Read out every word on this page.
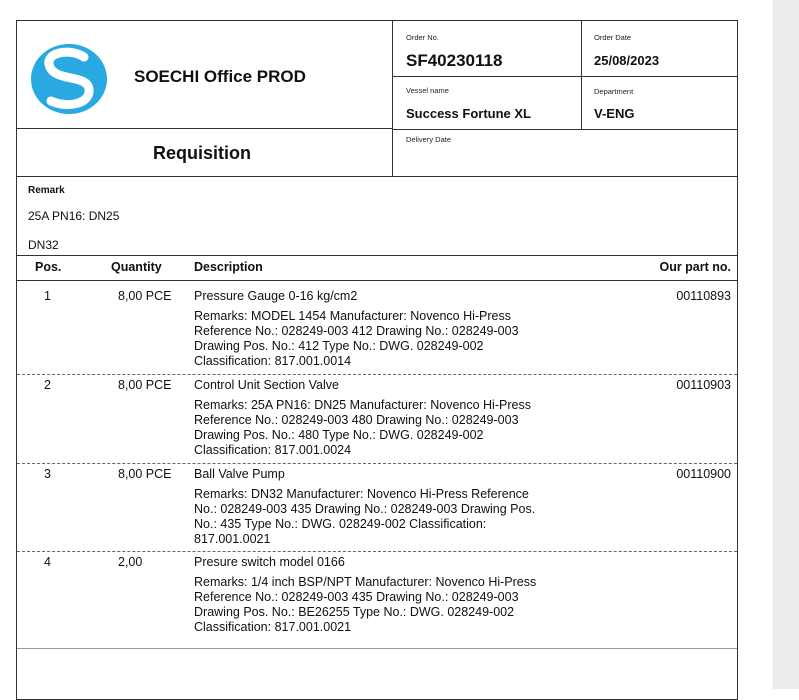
SOECHI Office PROD
Requisition
Order No.
SF40230118
Order Date
25/08/2023
Vessel name
Success Fortune XL
Department
V-ENG
Delivery Date
Remark
25A PN16: DN25
DN32
Pos.	Quantity	Description	Our part no.
1	8,00 PCE Pressure Gauge 0-16 kg/cm2	00110893
Remarks: MODEL 1454 Manufacturer: Novenco Hi-Press
Reference No.: 028249-003 412 Drawing No.: 028249-003
Drawing Pos. No.: 412 Type No.: DWG. 028249-002
Classification: 817.001.0014
2	8,00 PCE Control Unit Section Valve	00110903
Remarks: 25A PN16: DN25 Manufacturer: Novenco Hi-Press
Reference No.: 028249-003 480 Drawing No.: 028249-003
Drawing Pos. No.: 480 Type No.: DWG. 028249-002
Classification: 817.001.0024
3	8,00 PCE Ball Valve Pump	00110900
Remarks: DN32 Manufacturer: Novenco Hi-Press Reference
No.: 028249-003 435 Drawing No.: 028249-003 Drawing Pos.
No.: 435 Type No.: DWG. 028249-002 Classification:
817.001.0021
4	2,00	Presure switch model 0166
Remarks: 1/4 inch BSP/NPT Manufacturer: Novenco Hi-Press
Reference No.: 028249-003 435 Drawing No.: 028249-003
Drawing Pos. No.: BE26255 Type No.: DWG. 028249-002
Classification: 817.001.0021
